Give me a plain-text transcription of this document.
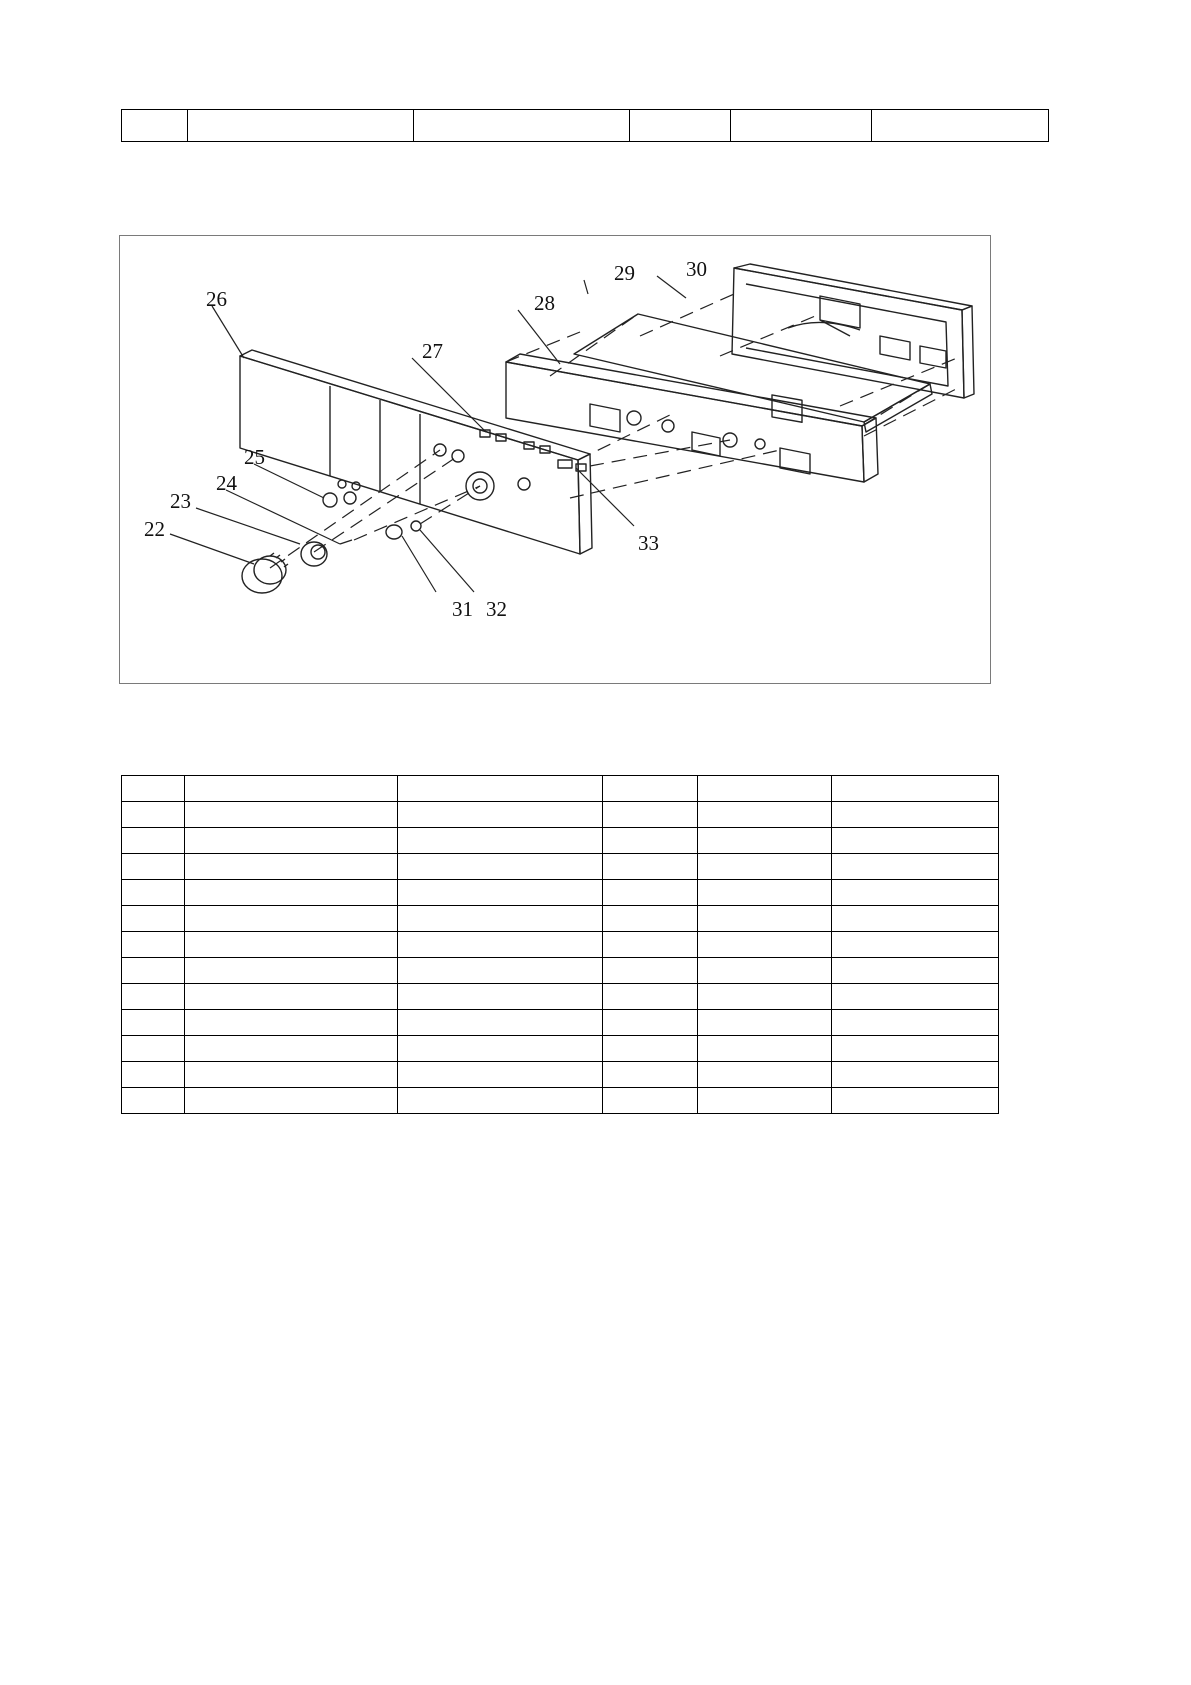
22
23
24
25
26
27
28
29 30
31 32
33
